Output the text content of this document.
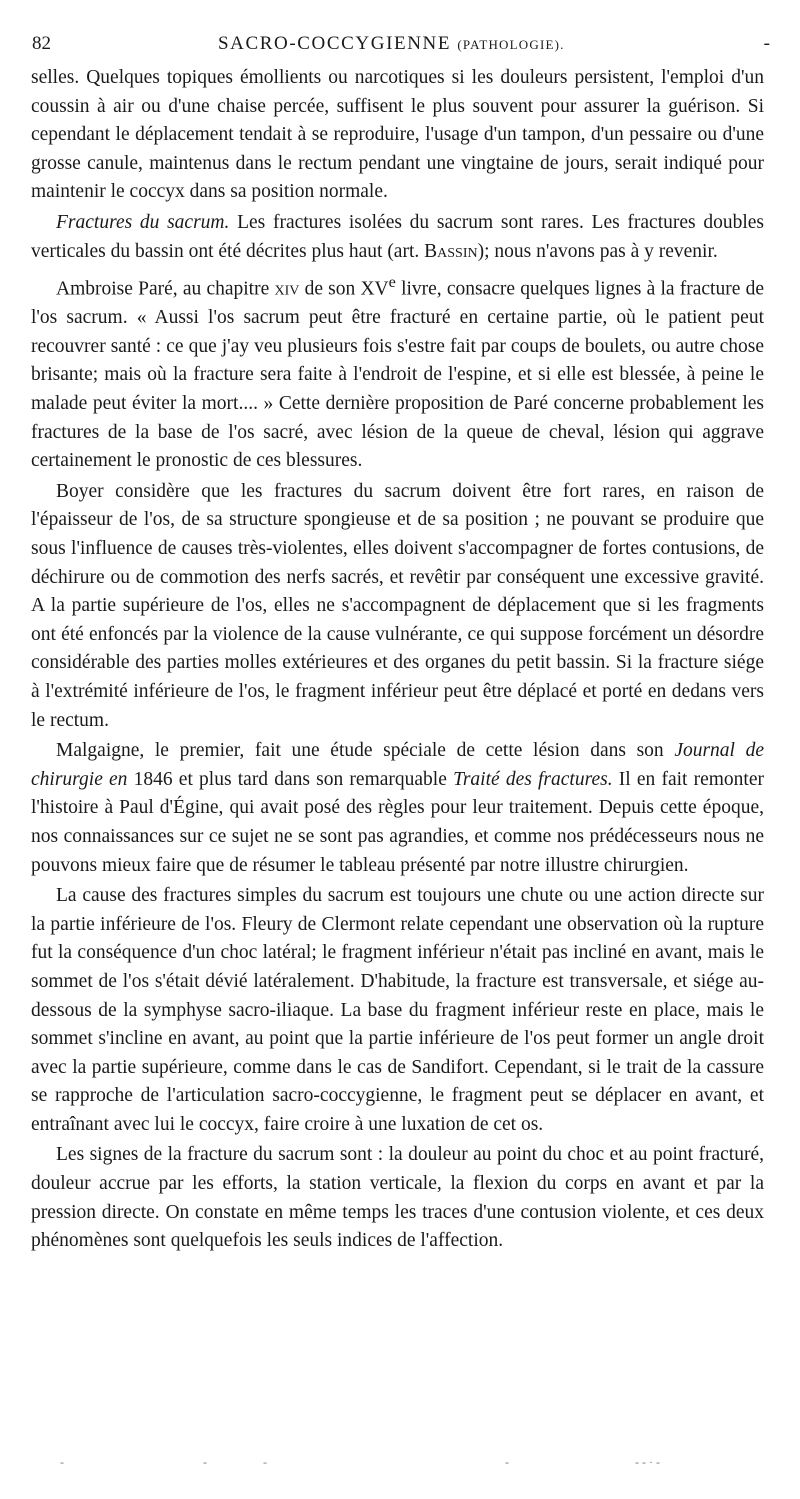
82	SACRO-COCCYGIENNE (PATHOLOGIE).	-

selles. Quelques topiques émollients ou narcotiques si les douleurs persistent, l'emploi d'un coussin à air ou d'une chaise percée, suffisent le plus souvent pour assurer la guérison. Si cependant le déplacement tendait à se reproduire, l'usage d'un tampon, d'un pessaire ou d'une grosse canule, maintenus dans le rectum pendant une vingtaine de jours, serait indiqué pour maintenir le coccyx dans sa position normale.

Fractures du sacrum. Les fractures isolées du sacrum sont rares. Les fractures doubles verticales du bassin ont été décrites plus haut (art. Bassin); nous n'avons pas à y revenir.

Ambroise Paré, au chapitre xiv de son XVe livre, consacre quelques lignes à la fracture de l'os sacrum. « Aussi l'os sacrum peut être fracturé en certaine partie, où le patient peut recouvrer santé : ce que j'ay veu plusieurs fois s'estre fait par coups de boulets, ou autre chose brisante; mais où la fracture sera faite à l'endroit de l'espine, et si elle est blessée, à peine le malade peut éviter la mort.... » Cette dernière proposition de Paré concerne probablement les fractures de la base de l'os sacré, avec lésion de la queue de cheval, lésion qui aggrave certainement le pronostic de ces blessures.

Boyer considère que les fractures du sacrum doivent être fort rares, en raison de l'épaisseur de l'os, de sa structure spongieuse et de sa position ; ne pouvant se produire que sous l'influence de causes très-violentes, elles doivent s'accompagner de fortes contusions, de déchirure ou de commotion des nerfs sacrés, et revêtir par conséquent une excessive gravité. A la partie supérieure de l'os, elles ne s'accompagnent de déplacement que si les fragments ont été enfoncés par la violence de la cause vulnérante, ce qui suppose forcément un désordre considérable des parties molles extérieures et des organes du petit bassin. Si la fracture siége à l'extrémité inférieure de l'os, le fragment inférieur peut être déplacé et porté en dedans vers le rectum.

Malgaigne, le premier, fait une étude spéciale de cette lésion dans son Journal de chirurgie en 1846 et plus tard dans son remarquable Traité des fractures. Il en fait remonter l'histoire à Paul d'Égine, qui avait posé des règles pour leur traitement. Depuis cette époque, nos connaissances sur ce sujet ne se sont pas agrandies, et comme nos prédécesseurs nous ne pouvons mieux faire que de résumer le tableau présenté par notre illustre chirurgien.

La cause des fractures simples du sacrum est toujours une chute ou une action directe sur la partie inférieure de l'os. Fleury de Clermont relate cependant une observation où la rupture fut la conséquence d'un choc latéral; le fragment inférieur n'était pas incliné en avant, mais le sommet de l'os s'était dévié latéralement. D'habitude, la fracture est transversale, et siége au-dessous de la symphyse sacro-iliaque. La base du fragment inférieur reste en place, mais le sommet s'incline en avant, au point que la partie inférieure de l'os peut former un angle droit avec la partie supérieure, comme dans le cas de Sandifort. Cependant, si le trait de la cassure se rapproche de l'articulation sacro-coccygienne, le fragment peut se déplacer en avant, et entraînant avec lui le coccyx, faire croire à une luxation de cet os.

Les signes de la fracture du sacrum sont : la douleur au point du choc et au point fracturé, douleur accrue par les efforts, la station verticale, la flexion du corps en avant et par la pression directe. On constate en même temps les traces d'une contusion violente, et ces deux phénomènes sont quelquefois les seuls indices de l'affection.

-	-	-	-	- - · -
